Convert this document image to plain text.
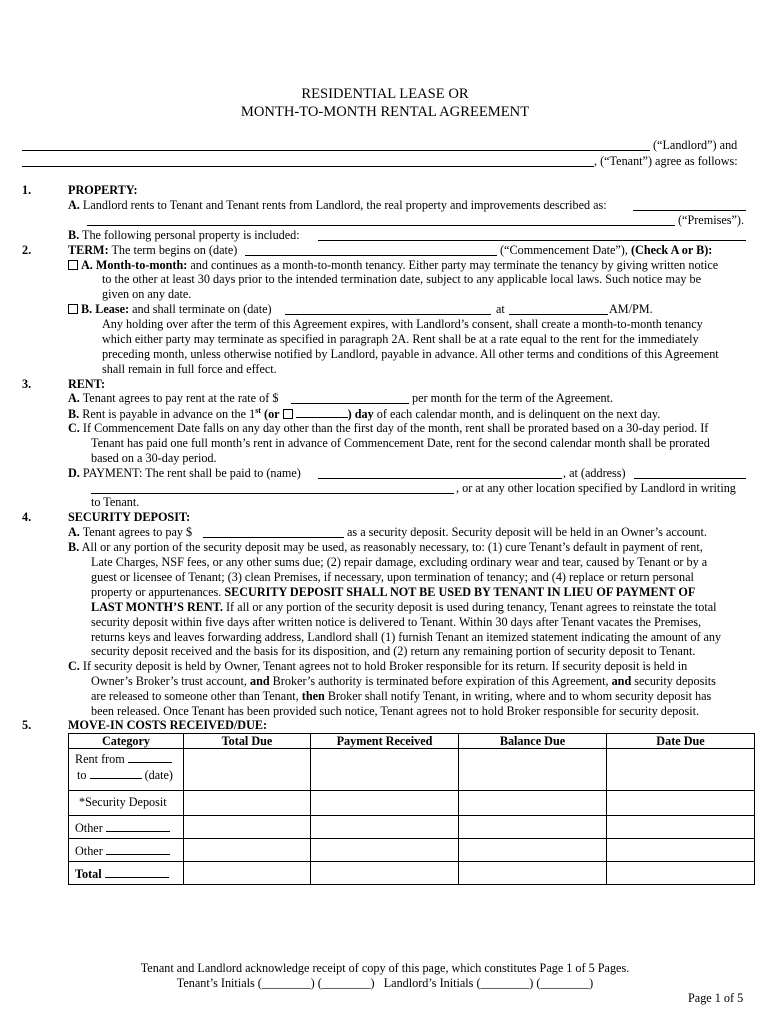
RESIDENTIAL LEASE OR
MONTH-TO-MONTH RENTAL AGREEMENT
(“Landlord”) and
, (“Tenant”) agree as follows:
1.	PROPERTY:
A. Landlord rents to Tenant and Tenant rents from Landlord, the real property and improvements described as:
(“Premises”).
B. The following personal property is included:
2.	TERM: The term begins on (date)	(“Commencement Date”), (Check A or B):
A. Month-to-month: and continues as a month-to-month tenancy. Either party may terminate the tenancy by giving written notice
to the other at least 30 days prior to the intended termination date, subject to any applicable local laws. Such notice may be
given on any date.
B. Lease: and shall terminate on (date)	at	AM/PM.
Any holding over after the term of this Agreement expires, with Landlord’s consent, shall create a month-to-month tenancy
which either party may terminate as specified in paragraph 2A. Rent shall be at a rate equal to the rent for the immediately
preceding month, unless otherwise notified by Landlord, payable in advance. All other terms and conditions of this Agreement
shall remain in full force and effect.
3.	RENT:
A. Tenant agrees to pay rent at the rate of $	per month for the term of the Agreement.
B. Rent is payable in advance on the 1st (or	) day of each calendar month, and is delinquent on the next day.
C. If Commencement Date falls on any day other than the first day of the month, rent shall be prorated based on a 30-day period. If
Tenant has paid one full month’s rent in advance of Commencement Date, rent for the second calendar month shall be prorated
based on a 30-day period.
D. PAYMENT: The rent shall be paid to (name)	, at (address)
, or at any other location specified by Landlord in writing
to Tenant.
4.	SECURITY DEPOSIT:
A. Tenant agrees to pay $	as a security deposit. Security deposit will be held in an Owner’s account.
B. All or any portion of the security deposit may be used, as reasonably necessary, to: (1) cure Tenant’s default in payment of rent,
Late Charges, NSF fees, or any other sums due; (2) repair damage, excluding ordinary wear and tear, caused by Tenant or by a
guest or licensee of Tenant; (3) clean Premises, if necessary, upon termination of tenancy; and (4) replace or return personal
property or appurtenances. SECURITY DEPOSIT SHALL NOT BE USED BY TENANT IN LIEU OF PAYMENT OF
LAST MONTH’S RENT. If all or any portion of the security deposit is used during tenancy, Tenant agrees to reinstate the total
security deposit within five days after written notice is delivered to Tenant. Within 30 days after Tenant vacates the Premises,
returns keys and leaves forwarding address, Landlord shall (1) furnish Tenant an itemized statement indicating the amount of any
security deposit received and the basis for its disposition, and (2) return any remaining portion of security deposit to Tenant.
C. If security deposit is held by Owner, Tenant agrees not to hold Broker responsible for its return. If security deposit is held in
Owner’s Broker’s trust account, and Broker’s authority is terminated before expiration of this Agreement, and security deposits
are released to someone other than Tenant, then Broker shall notify Tenant, in writing, where and to whom security deposit has
been released. Once Tenant has been provided such notice, Tenant agrees not to hold Broker responsible for security deposit.
5.	MOVE-IN COSTS RECEIVED/DUE:
Category	Total Due	Payment Received	Balance Due	Date Due

Rent from
to (date)				

*Security Deposit				
Other				
Other				
Total				
Tenant and Landlord acknowledge receipt of copy of this page, which constitutes Page 1 of 5 Pages.
Tenant’s Initials (________) (________) Landlord’s Initials (________) (________)
Page 1 of 5
